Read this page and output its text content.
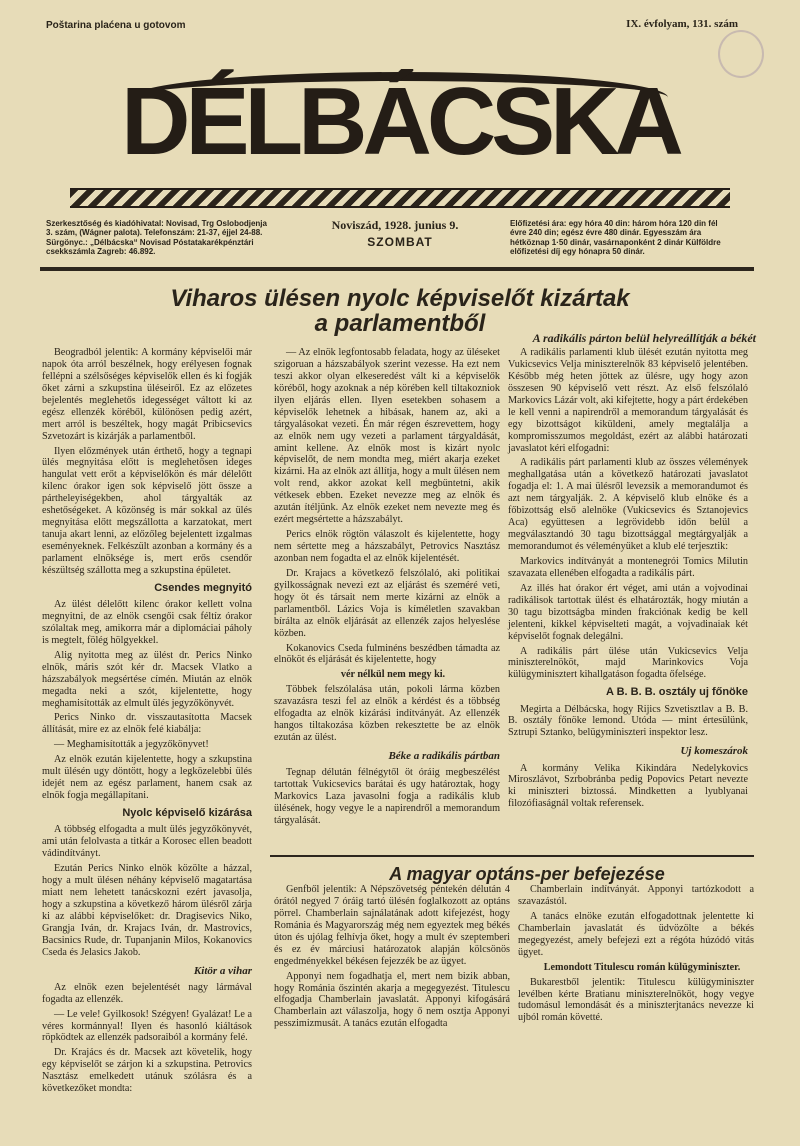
Poštarina plaćena u gotovom	IX. évfolyam, 131. szám
DÉLBÁCSKA
Szerkesztőség és kiadóhivatal: Novisad, Trg Oslobodjenja 3. szám, (Wágner palota). Telefonszám: 21-37, éjjel 24-88. Sürgönyc.: „Délbácska“ Novisad Póstatakarékpénztári csekkszámla Zagreb: 46.892.
Noviszád, 1928. junius 9.
SZOMBAT
Előfizetési ára: egy hóra 40 din: három hóra 120 din fél évre 240 din; egész évre 480 dinár. Egyesszám ára hétköznap 1·50 dinár, vasárnaponként 2 dinár Külföldre előfizetési díj egy hónapra 50 dinár.
Viharos ülésen nyolc képviselőt kizártak
a parlamentből
A radikális párton belül helyreállítják a békét

Beogradból jelentik: A kormány képviselői már napok óta arról beszélnek, hogy erélyesen fognak fellépni a szélsőséges képviselők ellen és ki fogják őket zárni a szkupstina üléseiről. Ez az előzetes bejelentés meglehetős idegességet váltott ki az egész ellenzék köréből, különösen pedig azért, mert arról is beszéltek, hogy magát Pribicsevics Szvetozárt is kizárják a parlamentből.

Ilyen előzmények után érthető, hogy a tegnapi ülés megnyitása előtt is meglehetősen ideges hangulat vett erőt a képviselőkön és már délelőtt kilenc órakor igen sok képviselő jött össze a pártheleyiségekben, ahol tárgyalták az eshetőségeket. A közönség is már sokkal az ülés megnyitása előtt megszállotta a karzatokat, mert tanuja akart lenni, az előzőleg bejelentett izgalmas eseményeknek. Felkészült azonban a kormány és a parlament elnöksége is, mert erős csendőr készültség szállotta meg a szkupstina épületet.

Csendes megnyitó

Az ülést délelőtt kilenc órakor kellett volna megnyitni, de az elnök csengői csak féltíz órakor szólaltak meg, amikorra már a diplomáciai páholy is megtelt, fölég hölgyekkel.

Alig nyitotta meg az ülést dr. Perics Ninko elnök, máris szót kér dr. Macsek Vlatko a házszabályok megsértése címén. Miután az elnök megadta neki a szót, kijelentette, hogy meghamisították az elmult ülés jegyzőkönyvét.

Perics Ninko dr. visszautasította Macsek állítását, mire ez az elnök felé kiabálja:

— Meghamisították a jegyzőkönyvet!

Az elnök ezután kijelentette, hogy a szkupstina mult ülésén ugy döntött, hogy a legközelebbi ülés idejét nem az egész parlament, hanem csak az elnök fogja megállapítani.

Nyolc képviselő kizárása

A többség elfogadta a mult ülés jegyzőkönyvét, ami után felolvasta a titkár a Korosec ellen beadott vádindítványt.

Ezután Perics Ninko elnök közölte a házzal, hogy a mult ülésen néhány képviselő magatartása miatt nem lehetett tanácskozni ezért javasolja, hogy a szkupstina a következő három ülésről zárja ki az alábbi képviselőket: dr. Dragisevics Niko, Grangja Iván, dr. Krajacs Iván, dr. Mastrovics, Bacsinics Rude, dr. Tupanjanin Milos, Kokanovics Cseda és Jelasics Jakob.

Kitör a vihar

Az elnök ezen bejelentését nagy lármával fogadta az ellenzék.

— Le vele! Gyilkosok! Szégyen! Gyalázat! Le a véres kormánnyal! Ilyen és hasonló kiáltások röpködtek az ellenzék padsoraiból a kormány felé.

Dr. Krajács és dr. Macsek azt követelik, hogy egy képviselőt se zárjon ki a szkupstina. Petrovics Nasztász emelkedett utánuk szólásra és a következőket mondta:

— Az elnök legfontosabb feladata, hogy az üléseket szigoruan a házszabályok szerint vezesse. Ha ezt nem teszi akkor olyan elkeseredést vált ki a képviselők köréből, hogy azoknak a nép körében kell tiltakozniok ilyen eljárás ellen. Ilyen esetekben sohasem a képviselők lehetnek a hibásak, hanem az, aki a tárgyalásokat vezeti. Én már régen észrevettem, hogy az elnök nem ugy vezeti a parlament tárgyaldását, amint kellene. Az elnök most is kizárt nyolc képviselőt, de nem mondta meg, miért akarja ezeket kizárni. Ha az elnök azt állítja, hogy a mult ülésen nem volt rend, akkor azokat kell megbüntetni, akik vétkesek ebben. Ezeket nevezze meg az elnök és azután ítéljünk. Az elnök ezeket nem nevezte meg és ezért megsértette a házszabályt.

Perics elnök rögtön válaszolt és kijelentette, hogy nem sértette meg a házszabályt, Petrovics Nasztász azonban nem fogadta el az elnök kijelentését.

Dr. Krajacs a következő felszólaló, aki politikai gyilkosságnak nevezi ezt az eljárást és szeméré veti, hogy öt és társait nem merte kizárni az elnök a parlamentből. Lázics Voja is kíméletlen szavakban bírálta az elnök eljárását az ellenzék zajos helyeslése közben.

Kokanovics Cseda fulminéns beszédben támadta az elnököt és eljárását és kijelentette, hogy

vér nélkül nem megy ki.

Többek felszólalása után, pokoli lárma közben szavazásra teszi fel az elnök a kérdést és a többség elfogadta az elnök kizárási indítványát. Az ellenzék hangos tiltakozása közben rekesztette be az elnök ezután az ülést.

Béke a radikális pártban

Tegnap délután félnégytől öt óráig megbeszélést tartottak Vukicsevics barátai és ugy határoztak, hogy Markovics Laza javasolni fogja a radikális klub ülésének, hogy vegye le a napirendről a memorandum tárgyalását.

A radikális parlamenti klub ülését ezután nyitotta meg Vukicsevics Velja miniszterelnök 83 képviselő jelentében. Később még heten jöttek az ülésre, ugy hogy azon összesen 90 képviselő vett részt. Az első felszólaló Markovics Lázár volt, aki kifejtette, hogy a párt érdekében le kell venni a napirendről a memorandum tárgyalását és egy bizottságot kiküldeni, amely megtalálja a kompromisszumos megoldást, ezért az alábbi határozati javaslatot kéri elfogadni:

A radikális párt parlamenti klub az összes vélemények meghallgatása után a következő határozati javaslatot fogadja el: 1. A mai ülésről levezsik a memorandumot és azt nem tárgyalják. 2. A képviselő klub elnöke és a főbizottság első alelnöke (Vukicsevics és Sztanojevics Aca) együttesen a legrövidebb időn belül a megválasztandó 30 tagu bizottsággal megtárgyalják a memorandumot és véleményüket a klub elé terjesztik:

Markovics indítványát a montenegrói Tomics Milutin szavazata ellenében elfogadta a radikális párt.

Az illés hat órakor ért véget, ami után a vojvodinai radikálisok tartottak ülést és elhatározták, hogy miután a 30 tagu bizottságba minden frakciónak kedig be kell jelenteni, kikkel képviselteti magát, a vojvadinaiak két képviselőt fognak delegálni.

A radikális párt ülése után Vukicsevics Velja miniszterelnököt, majd Marinkovics Voja külügyminisztert kihallgatáson fogadta őfelsége.

A B. B. B. osztály uj főnöke

Megirta a Délbácska, hogy Rijics Szvetisztlav a B. B. B. osztály főnöke lemond. Utóda — mint értesülünk, Sztrupi Sztanko, belügyminiszteri inspektor lesz.

Uj komeszárok

A kormány Velika Kikindára Nedelykovics Miroszlávot, Szrbobránba pedig Popovics Petart nevezte ki miniszteri biztossá. Mindketten a lyublyanai filozófiaságnál voltak referensek.

A magyar optáns-per befejezése

Genfből jelentik: A Népszövetség péntekén délután 4 órától negyed 7 óráig tartó ülésén foglalkozott az optáns pörrel. Chamberlain sajnálatának adott kifejezést, hogy Románia és Magyarország még nem egyeztek meg békés úton és ujólag felhívja őket, hogy a mult év szeptemberi és ez év márciusi határozatok alapján kölcsönös engedményekkel békésen fejezzék be az ügyet.

Apponyi nem fogadhatja el, mert nem bizik abban, hogy Románia őszintén akarja a megegyezést. Titulescu elfogadja Chamberlain javaslatát. Apponyi kifogásárá Chamberlain azt válaszolja, hogy ő nem osztja Apponyi pesszimizmusát. A tanács ezután elfogadta

Chamberlain indítványát. Apponyi tartózkodott a szavazástól.

A tanács elnöke ezután elfogadottnak jelentette ki Chamberlain javaslatát és üdvözölte a békés megegyezést, amely befejezi ezt a régóta húzódó vitás ügyet.

Lemondott Titulescu román külügyminiszter.

Bukarestből jelentik: Titulescu külügyminiszter levélben kérte Bratianu miniszterelnököt, hogy vegye tudomásul lemondását és a miniszterjtanács nevezze ki ujból román követté.
